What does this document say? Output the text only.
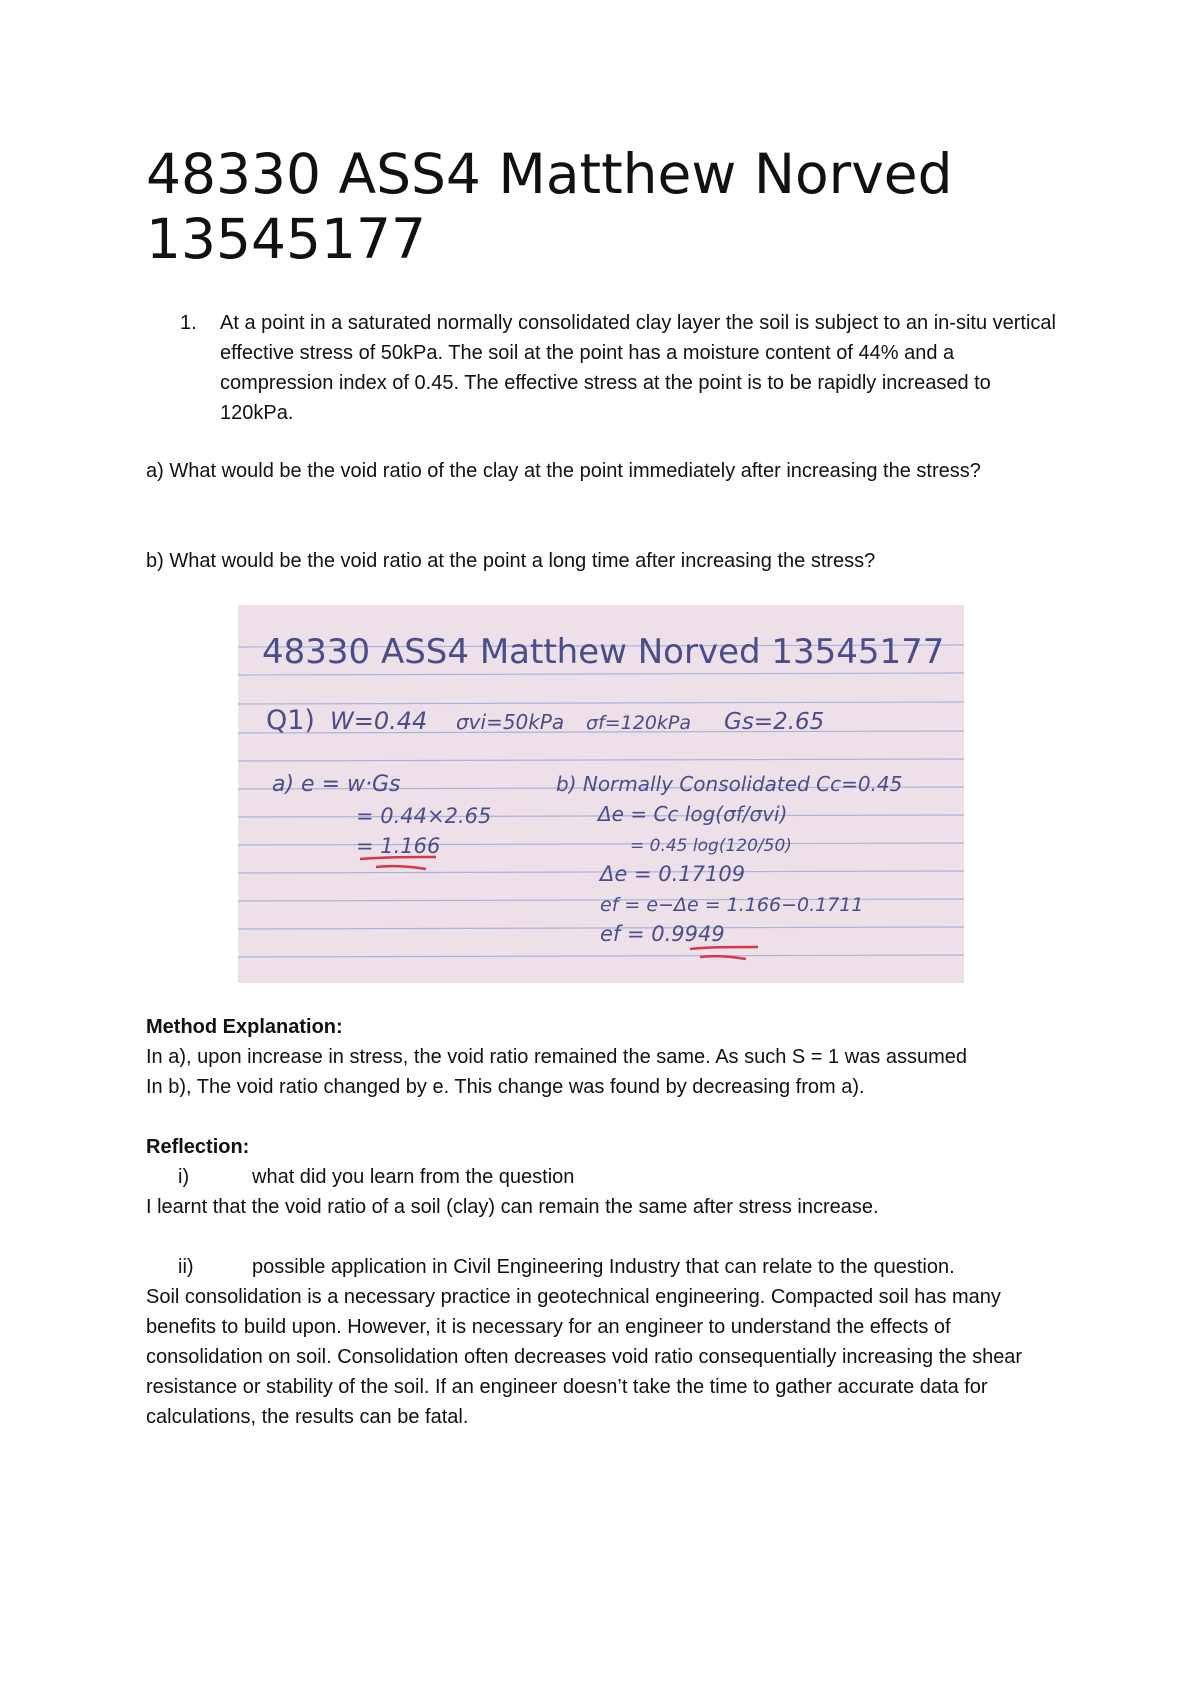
48330 ASS4 Matthew Norved 13545177
1. At a point in a saturated normally consolidated clay layer the soil is subject to an in-situ vertical effective stress of 50kPa. The soil at the point has a moisture content of 44% and a compression index of 0.45. The effective stress at the point is to be rapidly increased to 120kPa.
a) What would be the void ratio of the clay at the point immediately after increasing the stress?
b) What would be the void ratio at the point a long time after increasing the stress?
48330 ASS4 Matthew Norved 13545177
Q1) W=0.44 σvi=50kPa σf=120kPa Gs=2.65
a) e = w·Gs
= 0.44×2.65
= 1.166
b) Normally Consolidated Cc=0.45
Δe = Cc log(σf/σvi)
= 0.45 log(120/50)
Δe = 0.17109
ef = e−Δe = 1.166−0.1711
ef = 0.9949
Method Explanation:
In a), upon increase in stress, the void ratio remained the same. As such S = 1 was assumed
In b), The void ratio changed by e. This change was found by decreasing from a).
Reflection:
i)	what did you learn from the question
I learnt that the void ratio of a soil (clay) can remain the same after stress increase.
ii)	possible application in Civil Engineering Industry that can relate to the question.
Soil consolidation is a necessary practice in geotechnical engineering. Compacted soil has many benefits to build upon. However, it is necessary for an engineer to understand the effects of consolidation on soil. Consolidation often decreases void ratio consequentially increasing the shear resistance or stability of the soil. If an engineer doesn’t take the time to gather accurate data for calculations, the results can be fatal.
